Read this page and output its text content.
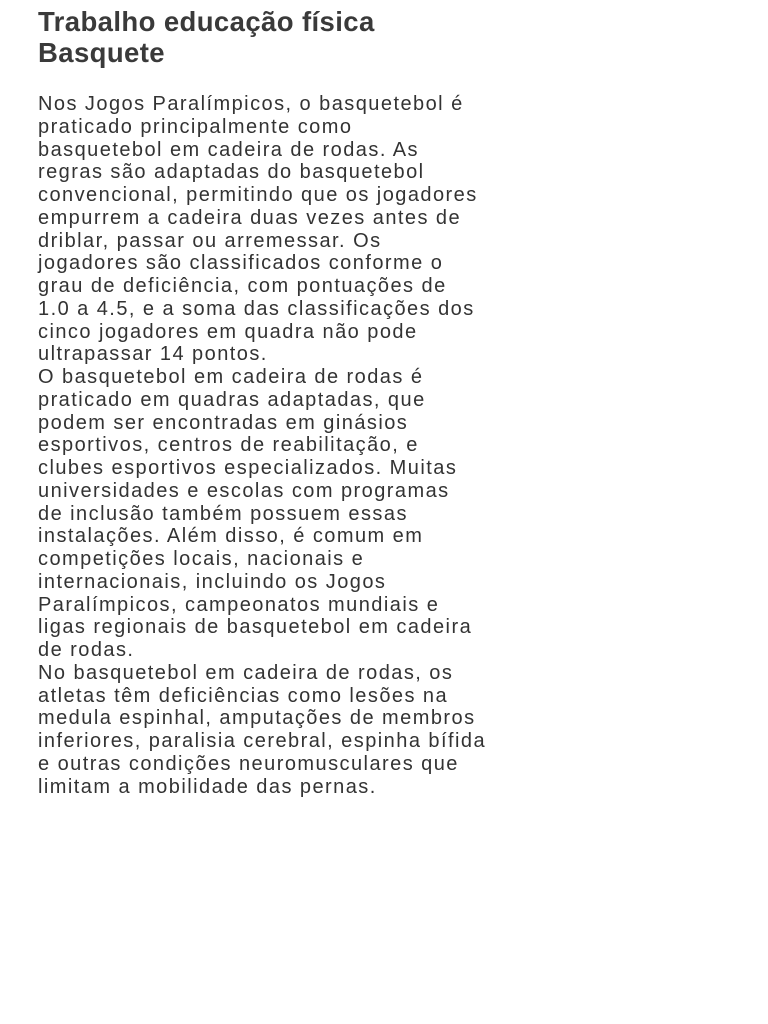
Trabalho educação física
Basquete

Nos Jogos Paralímpicos, o basquetebol é
praticado principalmente como
basquetebol em cadeira de rodas. As
regras são adaptadas do basquetebol
convencional, permitindo que os jogadores
empurrem a cadeira duas vezes antes de
driblar, passar ou arremessar. Os
jogadores são classificados conforme o
grau de deficiência, com pontuações de
1.0 a 4.5, e a soma das classificações dos
cinco jogadores em quadra não pode
ultrapassar 14 pontos.

O basquetebol em cadeira de rodas é
praticado em quadras adaptadas, que
podem ser encontradas em ginásios
esportivos, centros de reabilitação, e
clubes esportivos especializados. Muitas
universidades e escolas com programas
de inclusão também possuem essas
instalações. Além disso, é comum em
competições locais, nacionais e
internacionais, incluindo os Jogos
Paralímpicos, campeonatos mundiais e
ligas regionais de basquetebol em cadeira
de rodas.

No basquetebol em cadeira de rodas, os
atletas têm deficiências como lesões na
medula espinhal, amputações de membros
inferiores, paralisia cerebral, espinha bífida
e outras condições neuromusculares que
limitam a mobilidade das pernas.
